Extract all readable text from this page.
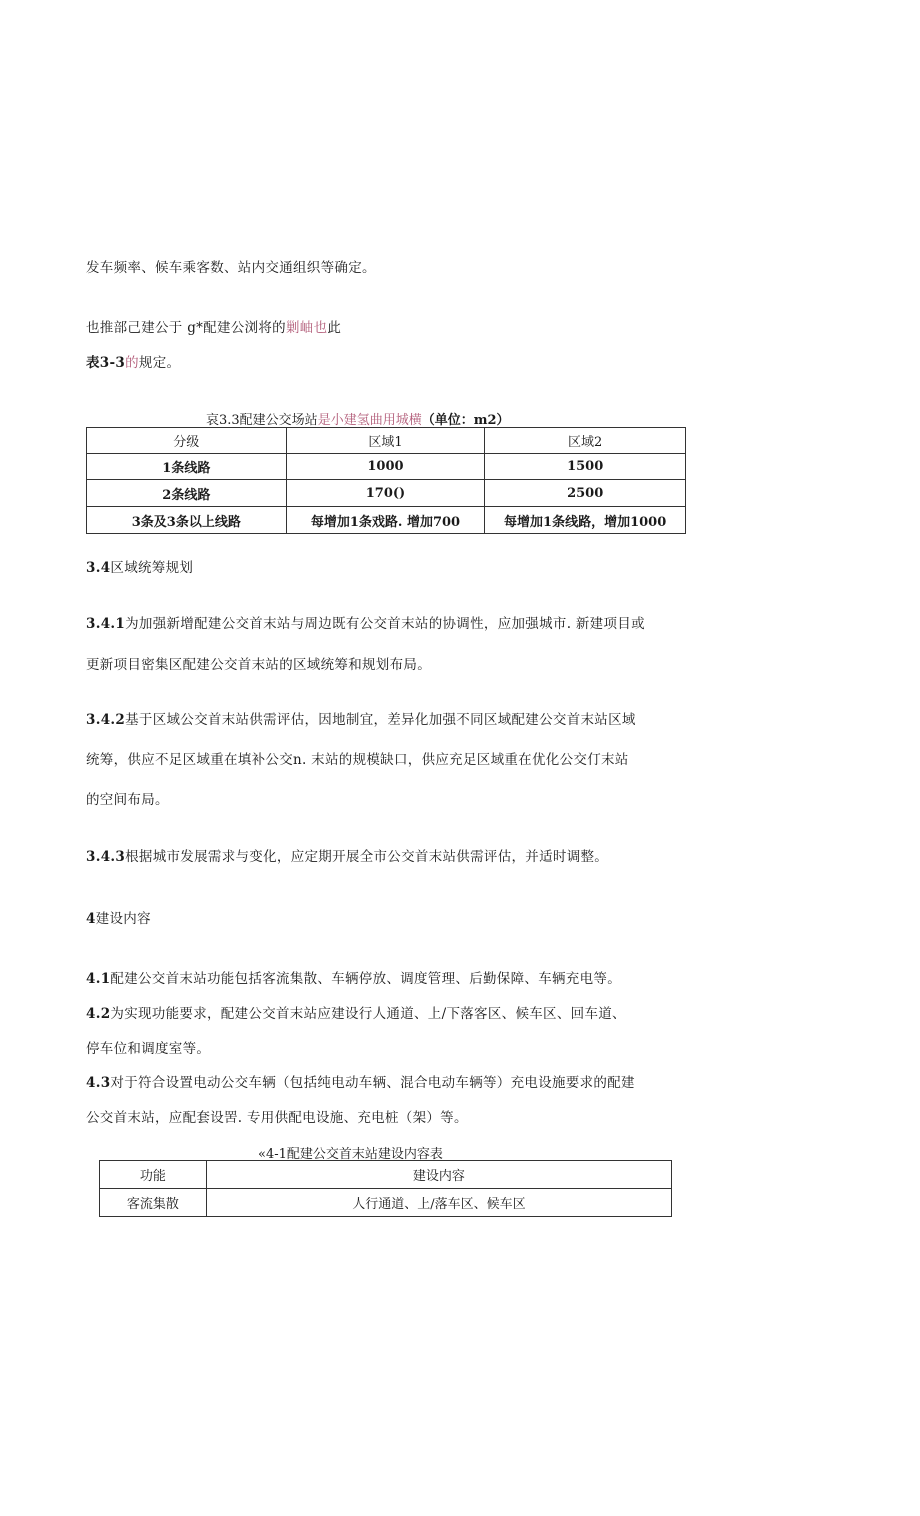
发车频率、候车乘客数、站内交通组织等确定。
也推部己建公于 g*配建公浏将的剿岫也此
表3-3的规定。
哀3.3配建公交场站是小建氢曲用城横（单位：m2）
分级	区域1	区域2
1条线路	1000	1500
2条线路	170()	2500
3条及3条以上线路	每增加1条戏路. 增加700	每增加1条线路，增加1000
3.4区域统筹规划
3.4.1为加强新增配建公交首末站与周边既有公交首末站的协调性，应加强城市. 新建项目或
更新项目密集区配建公交首末站的区域统筹和规划布局。
3.4.2基于区域公交首末站供需评估，因地制宜，差异化加强不同区域配建公交首末站区域
统筹，供应不足区域重在填补公交n. 末站的规模缺口，供应充足区域重在优化公交仃末站
的空间布局。
3.4.3根据城市发展需求与变化，应定期开展全市公交首末站供需评估，并适时调整。
4建设内容
4.1配建公交首末站功能包括客流集散、车辆停放、调度管理、后勤保障、车辆充电等。
4.2为实现功能要求，配建公交首末站应建设行人通道、上/下落客区、候车区、回车道、
停车位和调度室等。
4.3对于符合设置电动公交车辆（包括纯电动车辆、混合电动车辆等）充电设施要求的配建
公交首末站，应配套设罟. 专用供配电设施、充电桩（架）等。
«4-1配建公交首末站建设内容表
功能	建设内容
客流集散	人行通道、上/落车区、候车区
